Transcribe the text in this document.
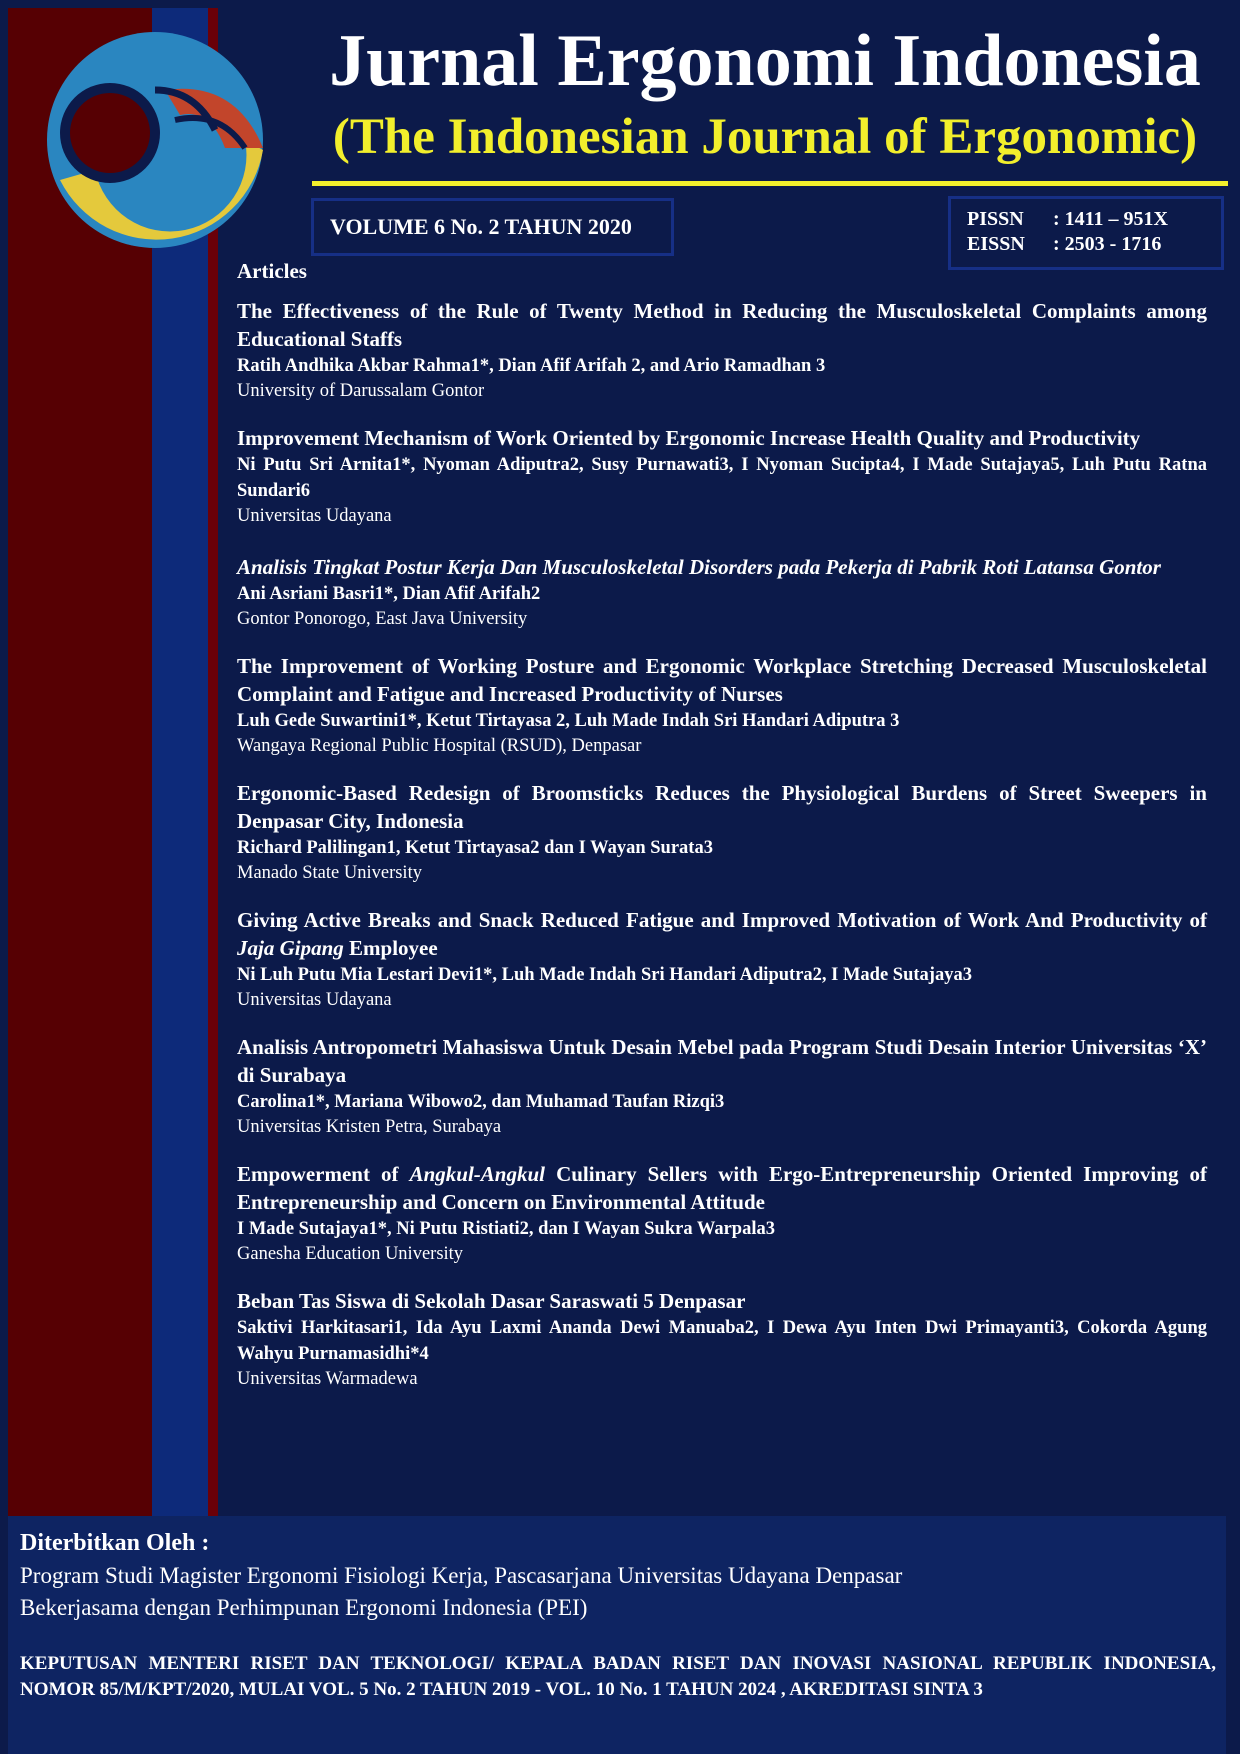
Jurnal Ergonomi Indonesia
(The Indonesian Journal of Ergonomic)
VOLUME 6 No. 2 TAHUN 2020	PISSN	: 1411 – 951X
EISSN	: 2503 - 1716
Articles
The Effectiveness of the Rule of Twenty Method in Reducing the Musculoskeletal Complaints among Educational Staffs
Ratih Andhika Akbar Rahma1*, Dian Afif Arifah 2, and Ario Ramadhan 3
University of Darussalam Gontor
Improvement Mechanism of Work Oriented by Ergonomic Increase Health Quality and Productivity
Ni Putu Sri Arnita1*, Nyoman Adiputra2, Susy Purnawati3, I Nyoman Sucipta4, I Made Sutajaya5, Luh Putu Ratna Sundari6
Universitas Udayana
Analisis Tingkat Postur Kerja Dan Musculoskeletal Disorders pada Pekerja di Pabrik Roti Latansa Gontor
Ani Asriani Basri1*, Dian Afif Arifah2
Gontor Ponorogo, East Java University
The Improvement of Working Posture and Ergonomic Workplace Stretching Decreased Musculoskeletal Complaint and Fatigue and Increased Productivity of Nurses
Luh Gede Suwartini1*, Ketut Tirtayasa 2, Luh Made Indah Sri Handari Adiputra 3
Wangaya Regional Public Hospital (RSUD), Denpasar
Ergonomic-Based Redesign of Broomsticks Reduces the Physiological Burdens of Street Sweepers in Denpasar City, Indonesia
Richard Palilingan1, Ketut Tirtayasa2 dan I Wayan Surata3
Manado State University
Giving Active Breaks and Snack Reduced Fatigue and Improved Motivation of Work And Productivity of Jaja Gipang Employee
Ni Luh Putu Mia Lestari Devi1*, Luh Made Indah Sri Handari Adiputra2, I Made Sutajaya3
Universitas Udayana
Analisis Antropometri Mahasiswa Untuk Desain Mebel pada Program Studi Desain Interior Universitas ‘X’ di Surabaya
Carolina1*, Mariana Wibowo2, dan Muhamad Taufan Rizqi3
Universitas Kristen Petra, Surabaya
Empowerment of Angkul-Angkul Culinary Sellers with Ergo-Entrepreneurship Oriented Improving of Entrepreneurship and Concern on Environmental Attitude
I Made Sutajaya1*, Ni Putu Ristiati2, dan I Wayan Sukra Warpala3
Ganesha Education University
Beban Tas Siswa di Sekolah Dasar Saraswati 5 Denpasar
Saktivi Harkitasari1, Ida Ayu Laxmi Ananda Dewi Manuaba2, I Dewa Ayu Inten Dwi Primayanti3, Cokorda Agung Wahyu Purnamasidhi*4
Universitas Warmadewa
Diterbitkan Oleh :
Program Studi Magister Ergonomi Fisiologi Kerja, Pascasarjana Universitas Udayana Denpasar
Bekerjasama dengan Perhimpunan Ergonomi Indonesia (PEI)
KEPUTUSAN MENTERI RISET DAN TEKNOLOGI/ KEPALA BADAN RISET DAN INOVASI NASIONAL REPUBLIK INDONESIA, NOMOR 85/M/KPT/2020, MULAI VOL. 5 No. 2 TAHUN 2019 - VOL. 10 No. 1 TAHUN 2024 , AKREDITASI SINTA 3
